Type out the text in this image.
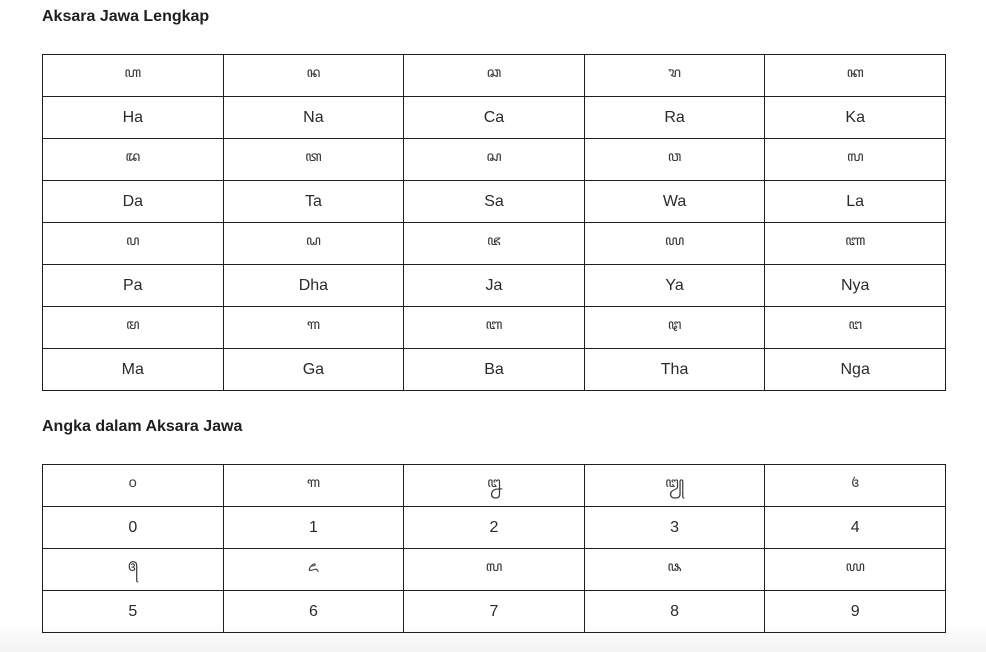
Aksara Jawa Lengkap
ꦲ	ꦤ	ꦕ	ꦫ	ꦏ
Ha	Na	Ca	Ra	Ka
ꦢ	ꦠ	ꦱ	ꦮ	ꦭ
Da	Ta	Sa	Wa	La
ꦥ	ꦝ	ꦗ	ꦪ	ꦚ
Pa	Dha	Ja	Ya	Nya
ꦩ	ꦒ	ꦧ	ꦛ	ꦔ
Ma	Ga	Ba	Tha	Nga
Angka dalam Aksara Jawa
꧐	꧑	꧒	꧓	꧔
0	1	2	3	4
꧕	꧖	꧗	꧘	꧙
5	6	7	8	9
